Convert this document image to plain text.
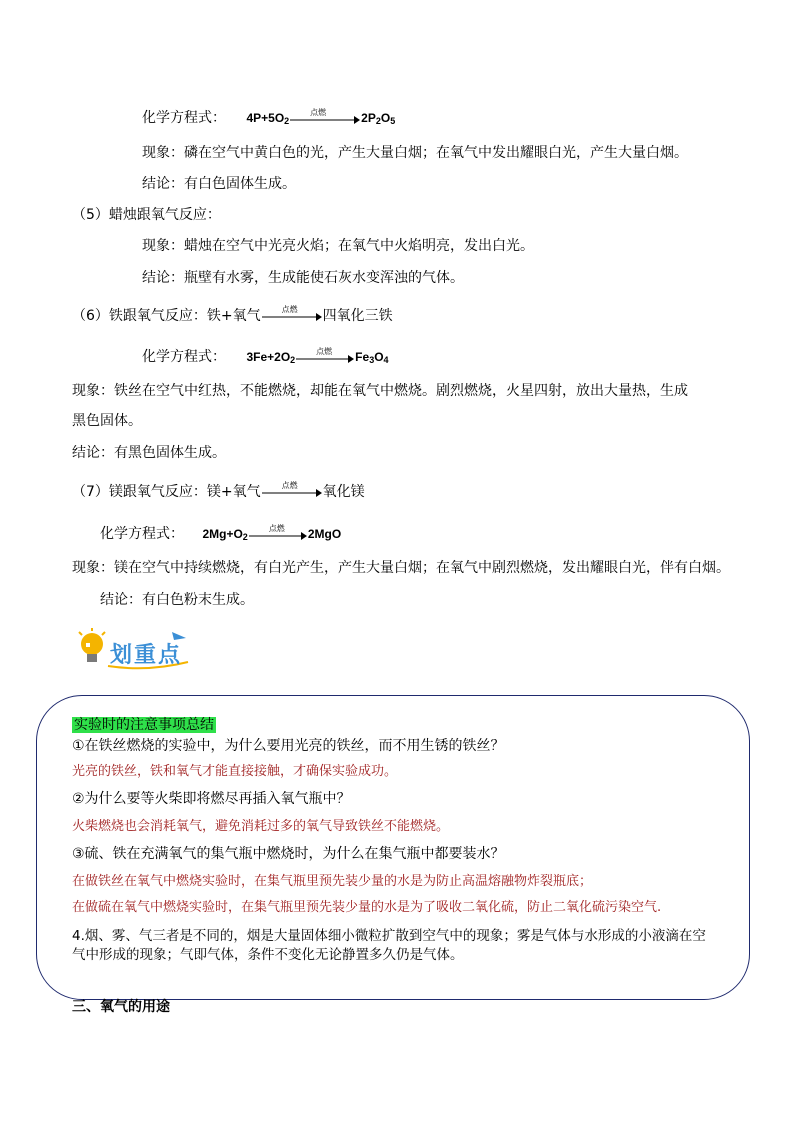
化学方程式： $4P+5O_2$
点燃	$2P_2O_5$
现象：磷在空气中黄白色的光，产生大量白烟；在氧气中发出耀眼白光，产生大量白烟。
结论：有白色固体生成。
（5）蜡烛跟氧气反应：
现象：蜡烛在空气中光亮火焰；在氧气中火焰明亮，发出白光。
结论：瓶壁有水雾，生成能使石灰水变浑浊的气体。
（6）铁跟氧气反应：铁+氧气	点燃 四氧化三铁
化学方程式： $3Fe+2O_2$
点燃 $Fe_3O_4$
现象：铁丝在空气中红热，不能燃烧，却能在氧气中燃烧。剧烈燃烧，火星四射，放出大量热，生成
黑色固体。
结论：有黑色固体生成。
（7）镁跟氧气反应：镁+氧气	点燃 氧化镁
化学方程式： $2Mg+O_2$
点燃 2MgO
现象：镁在空气中持续燃烧，有白光产生，产生大量白烟；在氧气中剧烈燃烧，发出耀眼白光，伴有白烟。
结论：有白色粉末生成。
划重点
实验时的注意事项总结
①在铁丝燃烧的实验中，为什么要用光亮的铁丝，而不用生锈的铁丝？
光亮的铁丝，铁和氧气才能直接接触，才确保实验成功。
②为什么要等火柴即将燃尽再插入氧气瓶中？
火柴燃烧也会消耗氧气，避免消耗过多的氧气导致铁丝不能燃烧。
③硫、铁在充满氧气的集气瓶中燃烧时，为什么在集气瓶中都要装水？
在做铁丝在氧气中燃烧实验时，在集气瓶里预先装少量的水是为防止高温熔融物炸裂瓶底；
在做硫在氧气中燃烧实验时，在集气瓶里预先装少量的水是为了吸收二氧化硫，防止二氧化硫污染空气.
4.烟、雾、气三者是不同的，烟是大量固体细小微粒扩散到空气中的现象；雾是气体与水形成的小液滴在空
气中形成的现象；气即气体，条件不变化无论静置多久仍是气体。
三、氧气的用途
